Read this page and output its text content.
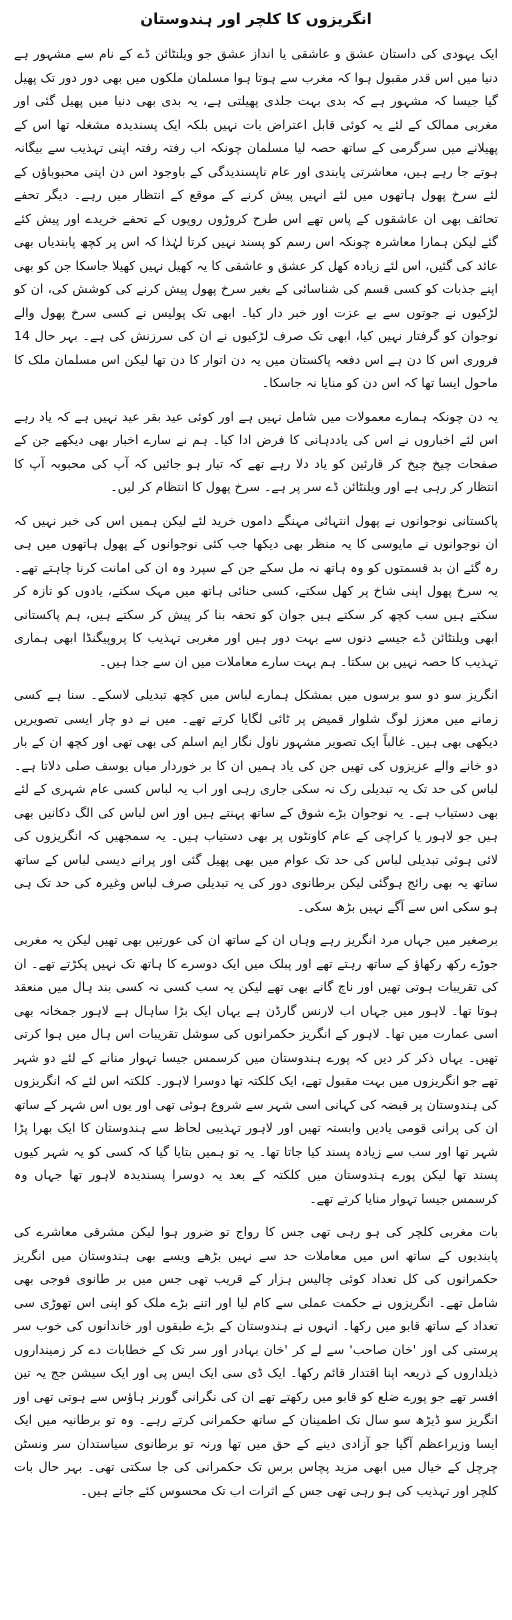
انگریزوں کا کلچر اور ہندوستان

ایک یہودی کی داستان عشق و عاشقی یا انداز عشق جو ویلنٹائن ڈے کے نام سے مشہور ہے دنیا میں اس قدر مقبول ہوا کہ مغرب سے ہوتا ہوا مسلمان ملکوں میں بھی دور دور تک پھیل گیا جیسا کہ مشہور ہے کہ بدی بہت جلدی پھیلتی ہے، یہ بدی بھی دنیا میں پھیل گئی اور مغربی ممالک کے لئے یہ کوئی قابل اعتراض بات نہیں بلکہ ایک پسندیدہ مشغلہ تھا اس کے پھیلانے میں سرگرمی کے ساتھ حصہ لیا مسلمان چونکہ اب رفتہ رفتہ اپنی تہذیب سے بیگانہ ہوتے جا رہے ہیں، معاشرتی پابندی اور عام ناپسندیدگی کے باوجود اس دن اپنی محبوباؤں کے لئے سرخ پھول ہاتھوں میں لئے انہیں پیش کرنے کے موقع کے انتظار میں رہے۔ دیگر تحفے تحائف بھی ان عاشقوں کے پاس تھے اس طرح کروڑوں روپوں کے تحفے خریدے اور پیش کئے گئے لیکن ہمارا معاشرہ چونکہ اس رسم کو پسند نہیں کرتا لہٰذا کہ اس پر کچھ پابندیاں بھی عائد کی گئیں، اس لئے زیادہ کھل کر عشق و عاشقی کا یہ کھیل نہیں کھیلا جاسکا جن کو بھی اپنے جذبات کو کسی قسم کی شناسائی کے بغیر سرخ پھول پیش کرنے کی کوشش کی، ان کو لڑکیوں نے جوتوں سے بے عزت اور خبر دار کیا۔ ابھی تک پولیس نے کسی سرخ پھول والے نوجوان کو گرفتار نہیں کیا، ابھی تک صرف لڑکیوں نے ان کی سرزنش کی ہے۔ بہر حال 14 فروری اس کا دن ہے اس دفعہ پاکستان میں یہ دن اتوار کا دن تھا لیکن اس مسلمان ملک کا ماحول ایسا تھا کہ اس دن کو منایا نہ جاسکا۔

یہ دن چونکہ ہمارے معمولات میں شامل نہیں ہے اور کوئی عید بقر عید نہیں ہے کہ یاد رہے اس لئے اخباروں نے اس کی یاددہانی کا فرض ادا کیا۔ ہم نے سارے اخبار بھی دیکھے جن کے صفحات چیخ چیخ کر قارئین کو یاد دلا رہے تھے کہ تیار ہو جائیں کہ آپ کی محبوبہ آپ کا انتظار کر رہی ہے اور ویلنٹائن ڈے سر پر ہے۔ سرخ پھول کا انتظام کر لیں۔

پاکستانی نوجوانوں نے پھول انتہائی مہنگے داموں خرید لئے لیکن ہمیں اس کی خبر نہیں کہ ان نوجوانوں نے مایوسی کا یہ منظر بھی دیکھا جب کئی نوجوانوں کے پھول ہاتھوں میں ہی رہ گئے ان بد قسمتوں کو وہ ہاتھ نہ مل سکے جن کے سپرد وہ ان کی امانت کرنا چاہتے تھے۔ یہ سرخ پھول اپنی شاخ پر کھل سکتے، کسی حنائی ہاتھ میں مہک سکتے، یادوں کو تازہ کر سکتے ہیں سب کچھ کر سکتے ہیں جوان کو تحفہ بنا کر پیش کر سکتے ہیں، ہم پاکستانی ابھی ویلنٹائن ڈے جیسے دنوں سے بہت دور ہیں اور مغربی تہذیب کا پروپیگنڈا ابھی ہماری تہذیب کا حصہ نہیں بن سکتا۔ ہم بہت سارے معاملات میں ان سے جدا ہیں۔

انگریز سو دو سو برسوں میں بمشکل ہمارے لباس میں کچھ تبدیلی لاسکے۔ سنا ہے کسی زمانے میں معزز لوگ شلوار قمیض پر ٹائی لگایا کرتے تھے۔ میں نے دو چار ایسی تصویریں دیکھی بھی ہیں۔ غالباً ایک تصویر مشہور ناول نگار ایم اسلم کی بھی تھی اور کچھ ان کے بار دو خانے والے عزیزوں کی تھیں جن کی یاد ہمیں ان کا بر خوردار میاں یوسف صلی دلاتا ہے۔ لباس کی حد تک یہ تبدیلی رک نہ سکی جاری رہی اور اب یہ لباس کسی عام شہری کے لئے بھی دستیاب ہے۔ یہ نوجوان بڑے شوق کے ساتھ پہنتے ہیں اور اس لباس کی الگ دکانیں بھی ہیں جو لاہور یا کراچی کے عام کاونٹوں پر بھی دستیاب ہیں۔ یہ سمجھیں کہ انگریزوں کی لائی ہوئی تبدیلی لباس کی حد تک عوام میں بھی پھیل گئی اور پرانے دیسی لباس کے ساتھ ساتھ یہ بھی رائج ہوگئی لیکن برطانوی دور کی یہ تبدیلی صرف لباس وغیرہ کی حد تک ہی ہو سکی اس سے آگے نہیں بڑھ سکی۔

برصغیر میں جہاں مرد انگریز رہے وہاں ان کے ساتھ ان کی عورتیں بھی تھیں لیکن یہ مغربی جوڑے رکھ رکھاؤ کے ساتھ رہتے تھے اور پبلک میں ایک دوسرے کا ہاتھ تک نہیں پکڑتے تھے۔ ان کی تقریبات ہوتی تھیں اور ناچ گانے بھی تھے لیکن یہ سب کسی نہ کسی بند ہال میں منعقد ہوتا تھا۔ لاہور میں جہاں اب لارنس گارڈن ہے یہاں ایک بڑا ساہال ہے لاہور جمخانہ بھی اسی عمارت میں تھا۔ لاہور کے انگریز حکمرانوں کی سوشل تقریبات اس ہال میں ہوا کرتی تھیں۔ یہاں ذکر کر دیں کہ پورے ہندوستان میں کرسمس جیسا تہوار منانے کے لئے دو شہر تھے جو انگریزوں میں بہت مقبول تھے، ایک کلکتہ تھا دوسرا لاہور۔ کلکتہ اس لئے کہ انگریزوں کی ہندوستان پر قبضہ کی کہانی اسی شہر سے شروع ہوئی تھی اور یوں اس شہر کے ساتھ ان کی پرانی قومی یادیں وابستہ تھیں اور لاہور تہذیبی لحاظ سے ہندوستان کا ایک بھرا پڑا شہر تھا اور سب سے زیادہ پسند کیا جاتا تھا۔ یہ تو ہمیں بتایا گیا کہ کسی کو یہ شہر کیوں پسند تھا لیکن پورے ہندوستان میں کلکتہ کے بعد یہ دوسرا پسندیدہ لاہور تھا جہاں وہ کرسمس جیسا تہوار منایا کرتے تھے۔

بات مغربی کلچر کی ہو رہی تھی جس کا رواج تو ضرور ہوا لیکن مشرقی معاشرے کی پابندیوں کے ساتھ اس میں معاملات حد سے نہیں بڑھے ویسے بھی ہندوستان میں انگریز حکمرانوں کی کل تعداد کوئی چالیس ہزار کے قریب تھی جس میں بر طانوی فوجی بھی شامل تھے۔ انگریزوں نے حکمت عملی سے کام لیا اور اتنے بڑے ملک کو اپنی اس تھوڑی سی تعداد کے ساتھ قابو میں رکھا۔ انہوں نے ہندوستان کے بڑے طبقوں اور خاندانوں کی خوب سر پرستی کی اور 'خان صاحب' سے لے کر 'خان بہادر اور سر تک کے خطابات دے کر زمینداروں ذیلداروں کے ذریعہ اپنا اقتدار قائم رکھا۔ ایک ڈی سی ایک ایس پی اور ایک سیشن جج یہ تین افسر تھے جو پورے ضلع کو قابو میں رکھتے تھے ان کی نگرانی گورنر ہاؤس سے ہوتی تھی اور انگریز سو ڈیڑھ سو سال تک اطمینان کے ساتھ حکمرانی کرتے رہے۔ وہ تو برطانیہ میں ایک ایسا وزیراعظم آگیا جو آزادی دینے کے حق میں تھا ورنہ تو برطانوی سیاستدان سر ونسٹن چرچل کے خیال میں ابھی مزید پچاس برس تک حکمرانی کی جا سکتی تھی۔ بہر حال بات کلچر اور تہذیب کی ہو رہی تھی جس کے اثرات اب تک محسوس کئے جاتے ہیں۔
